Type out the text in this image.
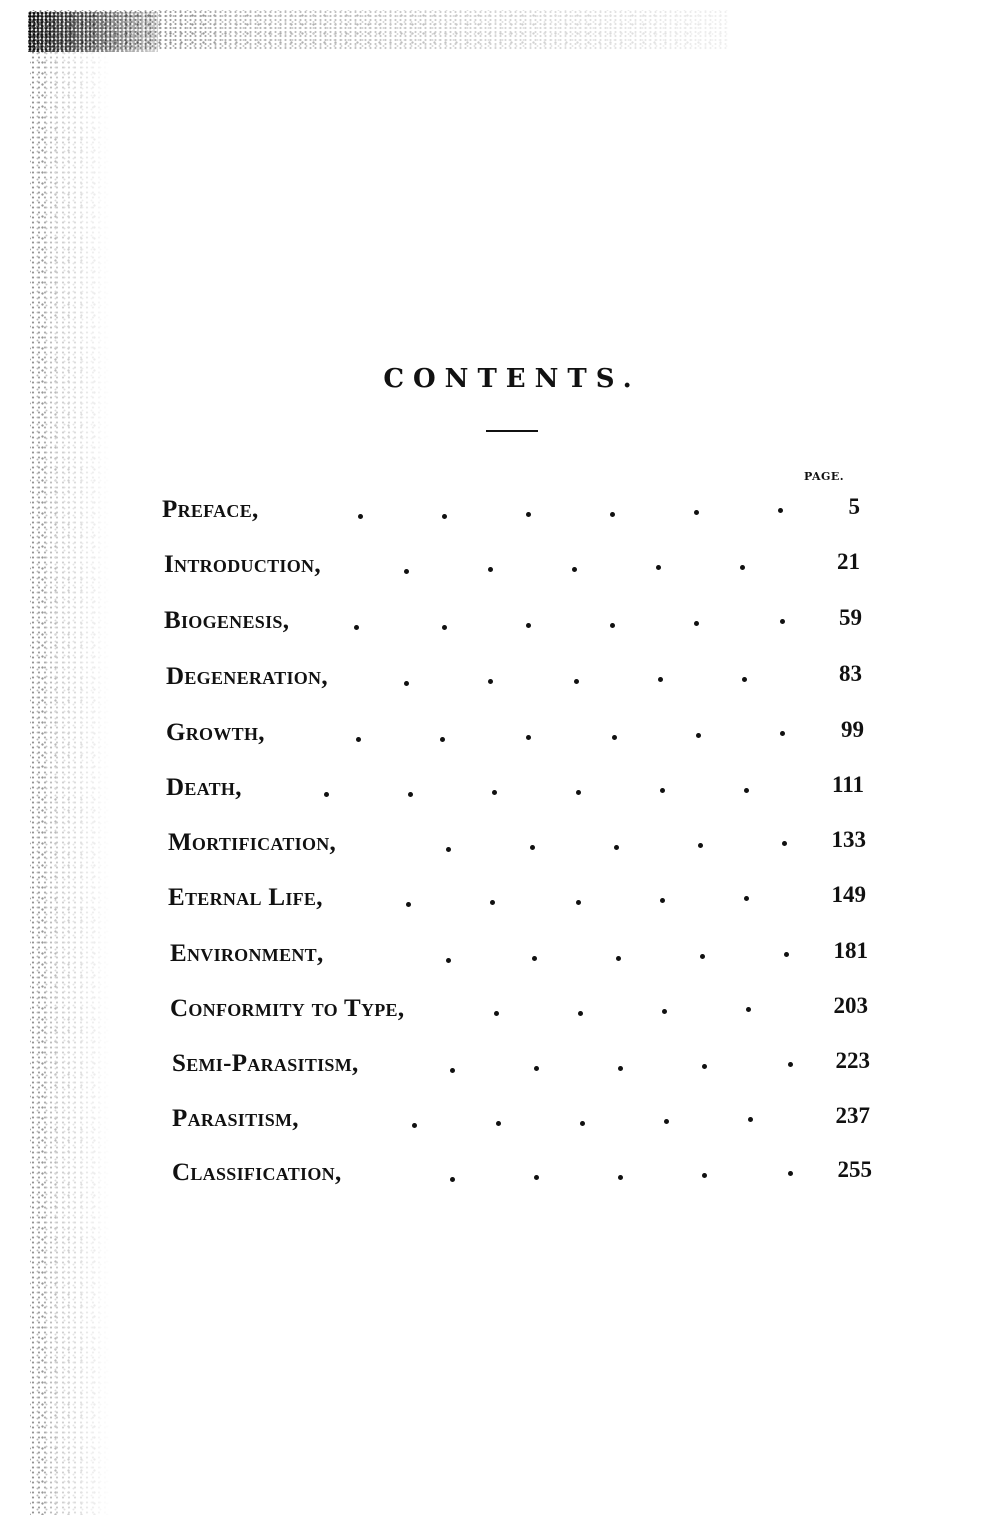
CONTENTS.
PAGE.
Preface,	5
Introduction,	21
Biogenesis,	59
Degeneration,	83
Growth,	99
Death,	111
Mortification,	133
Eternal Life,	149
Environment,	181
Conformity to Type,	203
Semi-Parasitism,	223
Parasitism,	237
Classification,	255
